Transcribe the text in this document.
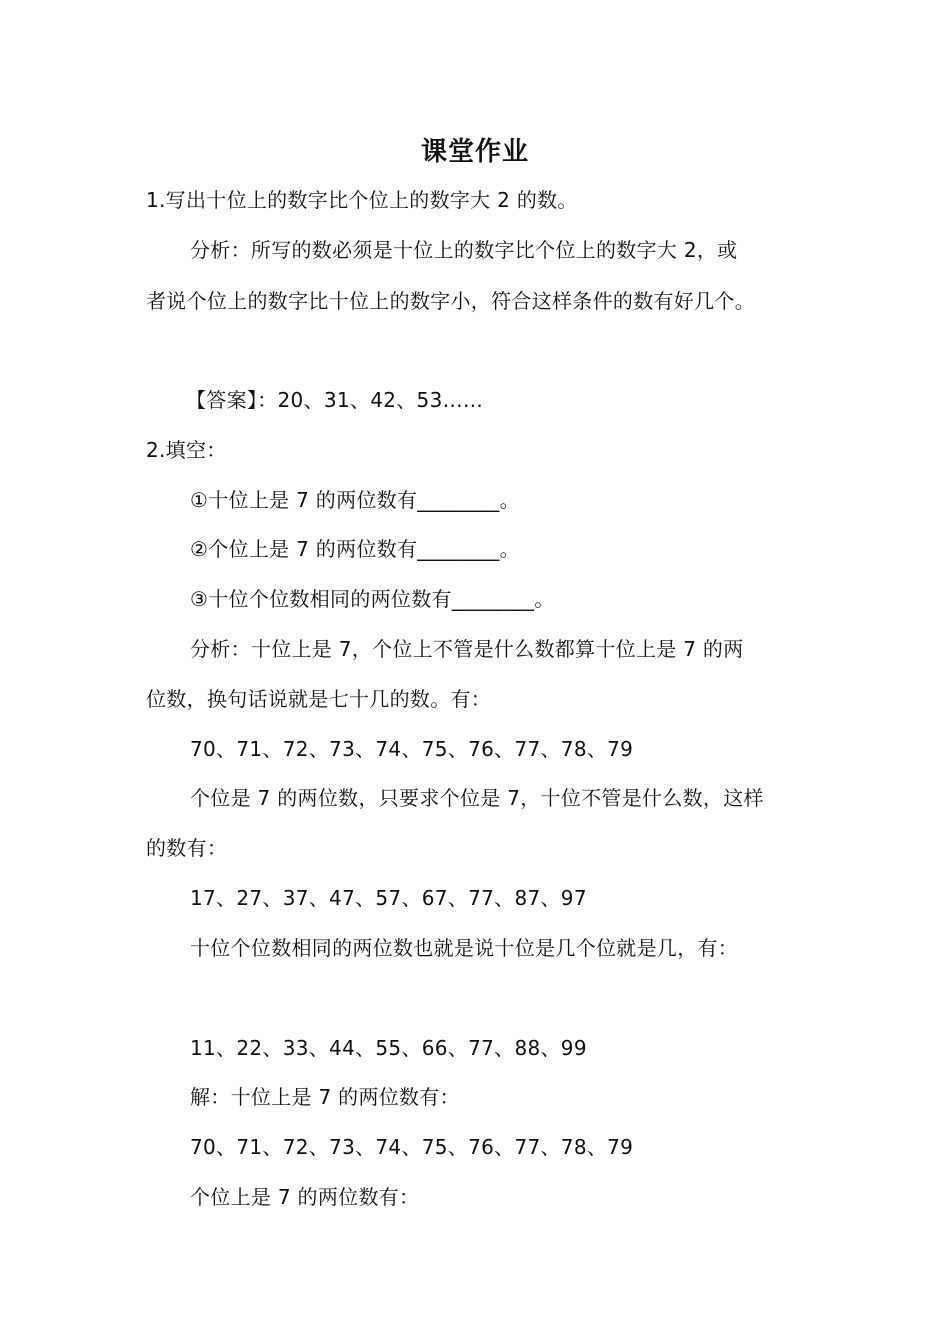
课堂作业
1.写出十位上的数字比个位上的数字大 2 的数。
分析：所写的数必须是十位上的数字比个位上的数字大 2，或
者说个位上的数字比十位上的数字小，符合这样条件的数有好几个。
【答案】：20、31、42、53……
2.填空：
①十位上是 7 的两位数有________。
②个位上是 7 的两位数有________。
③十位个位数相同的两位数有________。
分析：十位上是 7，个位上不管是什么数都算十位上是 7 的两
位数，换句话说就是七十几的数。有：
70、71、72、73、74、75、76、77、78、79
个位是 7 的两位数，只要求个位是 7，十位不管是什么数，这样
的数有：
17、27、37、47、57、67、77、87、97
十位个位数相同的两位数也就是说十位是几个位就是几，有：
11、22、33、44、55、66、77、88、99
解：十位上是 7 的两位数有：
70、71、72、73、74、75、76、77、78、79
个位上是 7 的两位数有：
